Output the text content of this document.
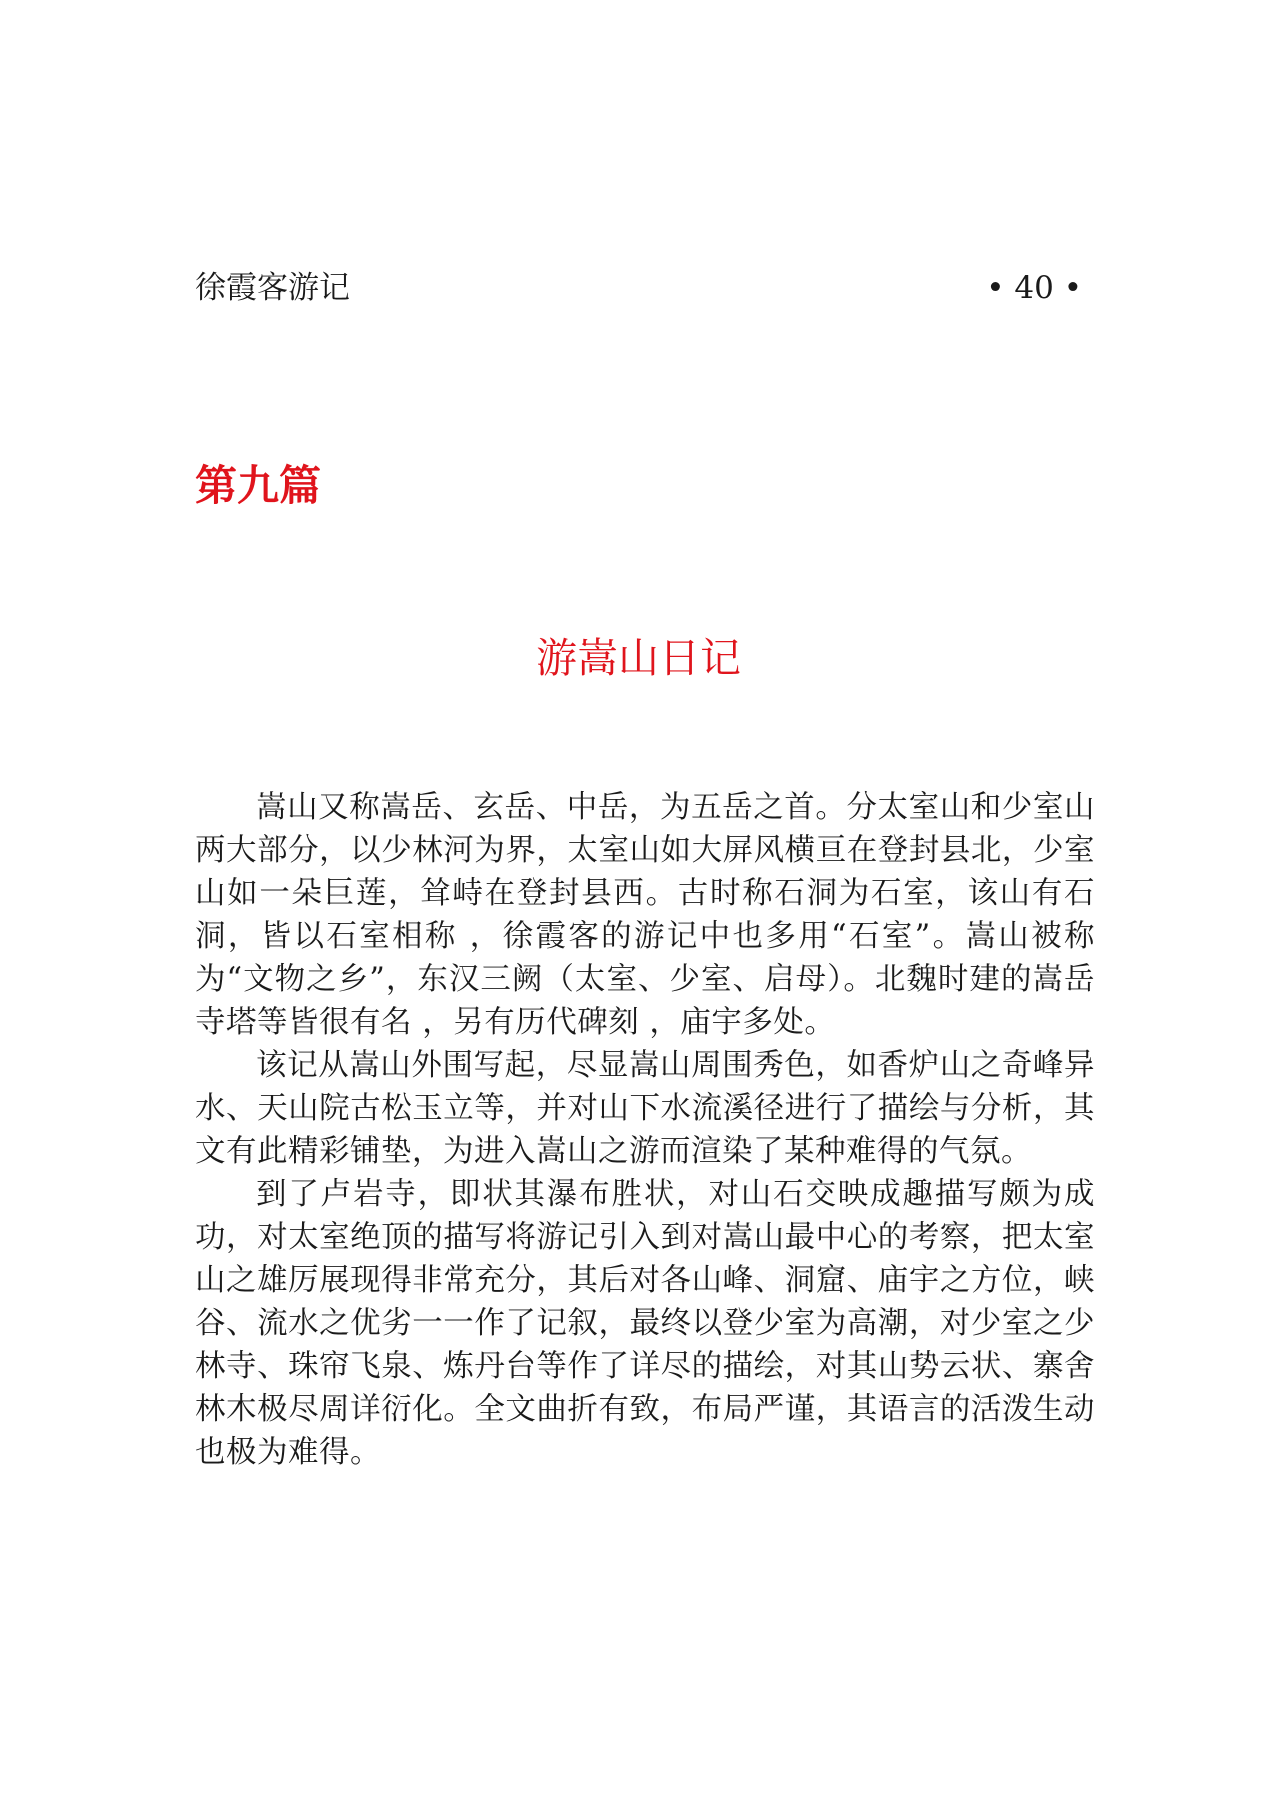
徐霞客游记	• 40 •
第九篇
游嵩山日记

嵩山又称嵩岳、玄岳、中岳，为五岳之首。分太室山和少室山两大部分，以少林河为界，太室山如大屏风横亘在登封县北，少室山如一朵巨莲，耸峙在登封县西。古时称石洞为石室，该山有石洞，皆以石室相称 ，徐霞客的游记中也多用“石室”。嵩山被称为“文物之乡”，东汉三阙（太室、少室、启母）。北魏时建的嵩岳寺塔等皆很有名 ，另有历代碑刻 ，庙宇多处。

该记从嵩山外围写起，尽显嵩山周围秀色，如香炉山之奇峰异水、天山院古松玉立等，并对山下水流溪径进行了描绘与分析，其文有此精彩铺垫，为进入嵩山之游而渲染了某种难得的气氛。

到了卢岩寺，即状其瀑布胜状，对山石交映成趣描写颇为成功，对太室绝顶的描写将游记引入到对嵩山最中心的考察，把太室山之雄厉展现得非常充分，其后对各山峰、洞窟、庙宇之方位，峡谷、流水之优劣一一作了记叙，最终以登少室为高潮，对少室之少林寺、珠帘飞泉、炼丹台等作了详尽的描绘，对其山势云状、寨舍林木极尽周详衍化。全文曲折有致，布局严谨，其语言的活泼生动也极为难得。
